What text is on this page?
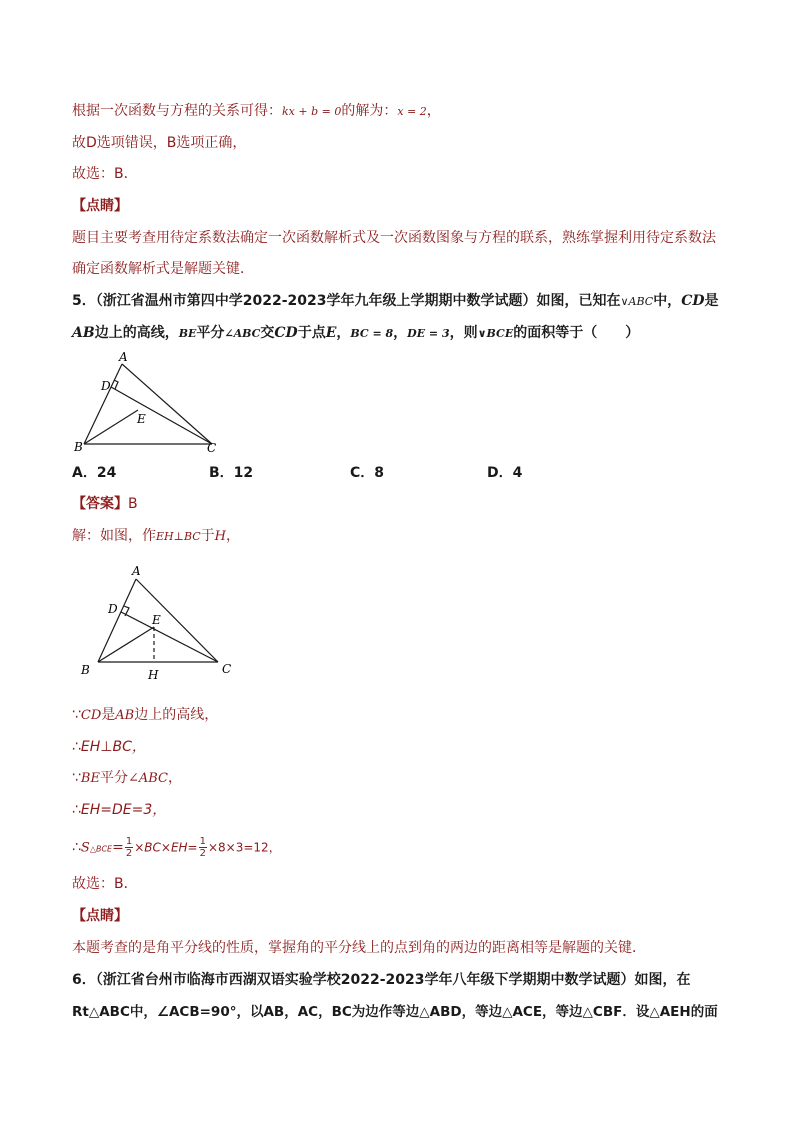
根据一次函数与方程的关系可得：kx + b = 0的解为：x = 2，
故D选项错误，B选项正确，
故选：B．
【点睛】
题目主要考查用待定系数法确定一次函数解析式及一次函数图象与方程的联系，熟练掌握利用待定系数法
确定函数解析式是解题关键．
5．（浙江省温州市第四中学2022-2023学年九年级上学期期中数学试题）如图，已知在∨ABC中，CD是
AB边上的高线，BE平分∠ABC交CD于点E，BC = 8，DE = 3，则∨BCE的面积等于（　　）
A
D
E
B	C
A．24	B．12	C．8	D．4
【答案】B
解：如图，作EH⊥BC于H，
A
D
E
B	H	C
∵CD是AB边上的高线，
∴EH⊥BC，
∵BE平分∠ABC，
∴EH=DE=3，
∴S△BCE= $\frac{1}{2} \times BC\times EH= \frac{1}{2} \times 8\times 3=12$，
故选：B．
【点睛】
本题考查的是角平分线的性质，掌握角的平分线上的点到角的两边的距离相等是解题的关键．
6．（浙江省台州市临海市西湖双语实验学校2022-2023学年八年级下学期期中数学试题）如图，在
Rt△ABC中，∠ACB=90°，以AB，AC，BC为边作等边△ABD，等边△ACE，等边△CBF．设△AEH的面
